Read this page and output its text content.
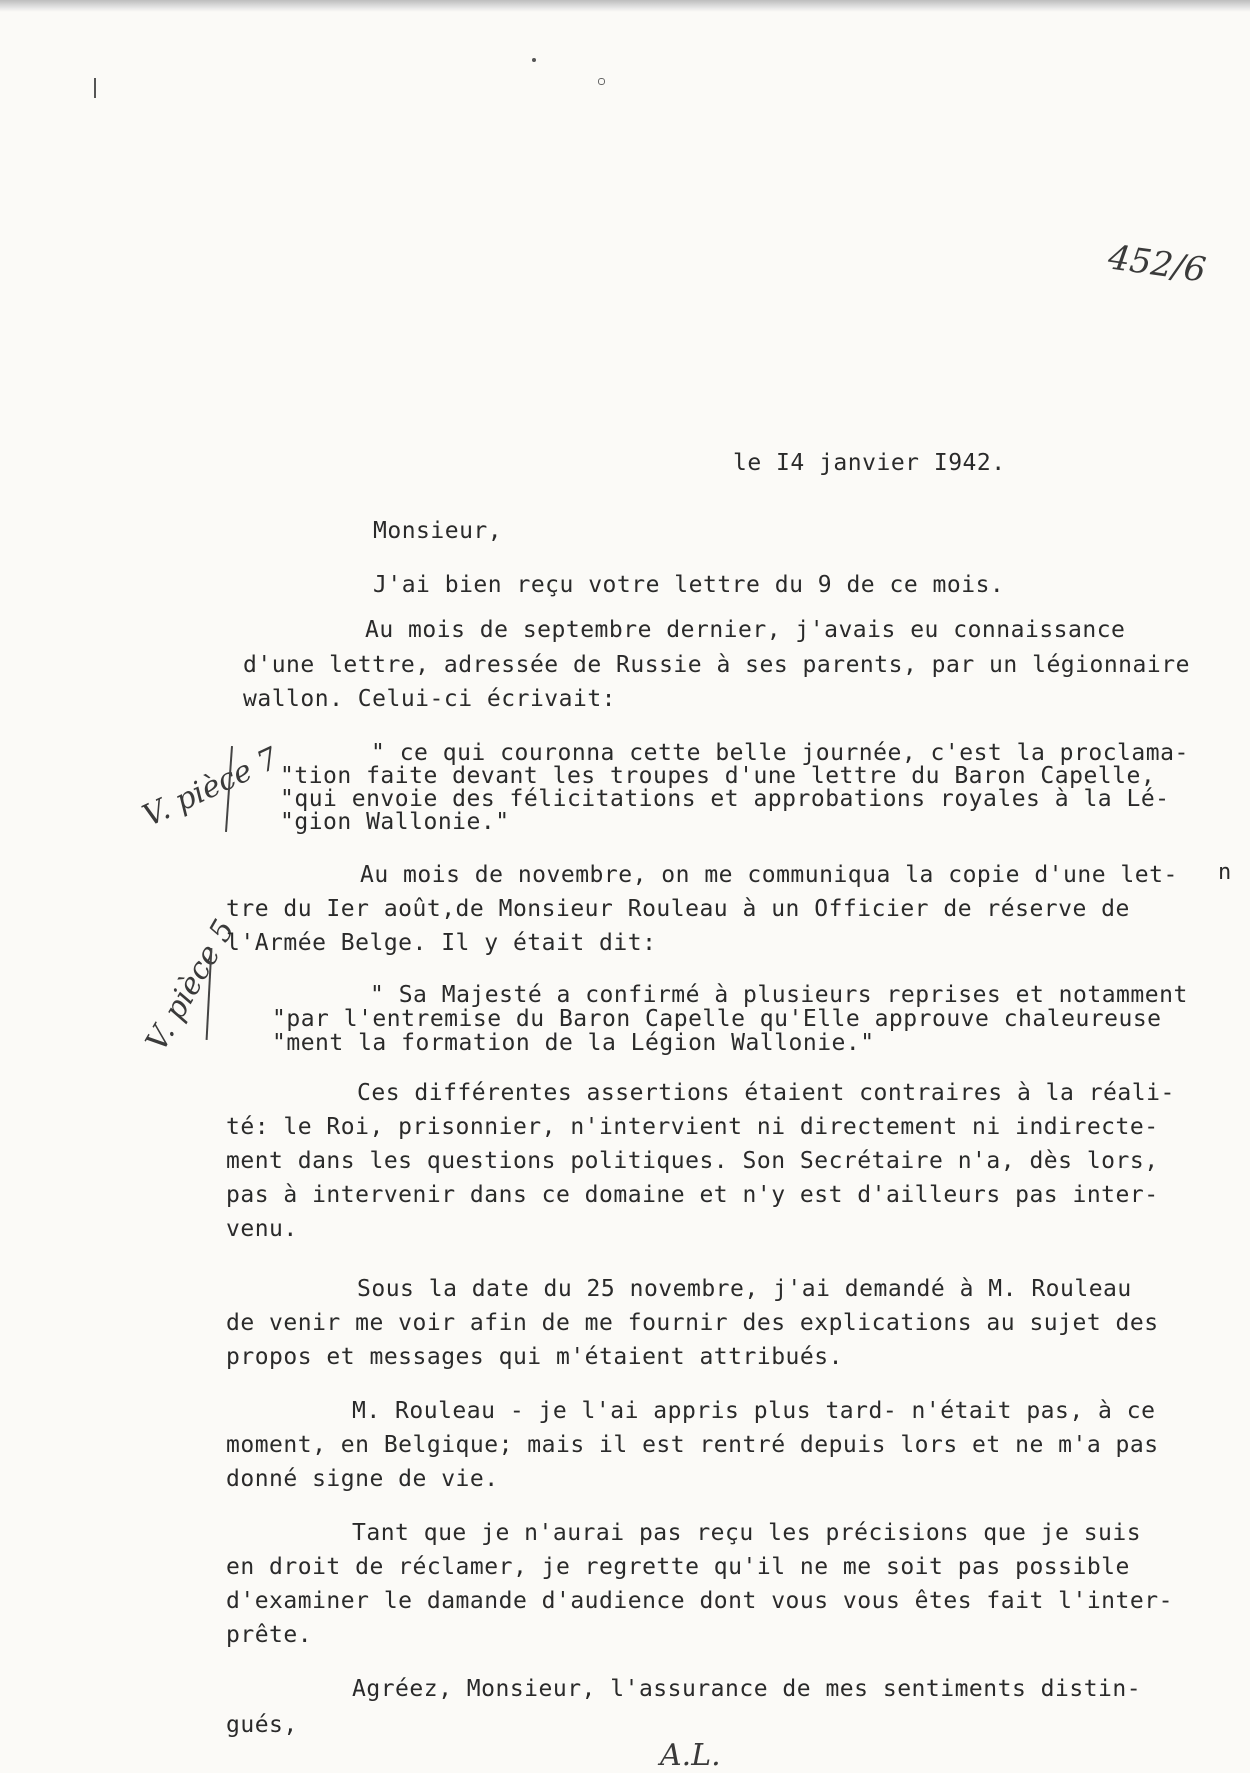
452/6
V. pièce 7
V. pièce 5
n
le I4 janvier I942.
Monsieur,
J'ai bien reçu votre lettre du 9 de ce mois.
Au mois de septembre dernier, j'avais eu connaissance
d'une lettre, adressée de Russie à ses parents, par un légionnaire
wallon. Celui-ci écrivait:
" ce qui couronna cette belle journée, c'est la proclama-
"tion faite devant les troupes d'une lettre du Baron Capelle,
"qui envoie des félicitations et approbations royales à la Lé-
"gion Wallonie."
Au mois de novembre, on me communiqua la copie d'une let-
tre du Ier août,de Monsieur Rouleau à un Officier de réserve de
l'Armée Belge. Il y était dit:
" Sa Majesté a confirmé à plusieurs reprises et notamment
"par l'entremise du Baron Capelle qu'Elle approuve chaleureuse
"ment la formation de la Légion Wallonie."
Ces différentes assertions étaient contraires à la réali-
té: le Roi, prisonnier, n'intervient ni directement ni indirecte-
ment dans les questions politiques. Son Secrétaire n'a, dès lors,
pas à intervenir dans ce domaine et n'y est d'ailleurs pas inter-
venu.
Sous la date du 25 novembre, j'ai demandé à M. Rouleau
de venir me voir afin de me fournir des explications au sujet des
propos et messages qui m'étaient attribués.
M. Rouleau - je l'ai appris plus tard- n'était pas, à ce
moment, en Belgique; mais il est rentré depuis lors et ne m'a pas
donné signe de vie.
Tant que je n'aurai pas reçu les précisions que je suis
en droit de réclamer, je regrette qu'il ne me soit pas possible
d'examiner le damande d'audience dont vous vous êtes fait l'inter-
prête.
Agréez, Monsieur, l'assurance de mes sentiments distin-
gués,
A.L.
